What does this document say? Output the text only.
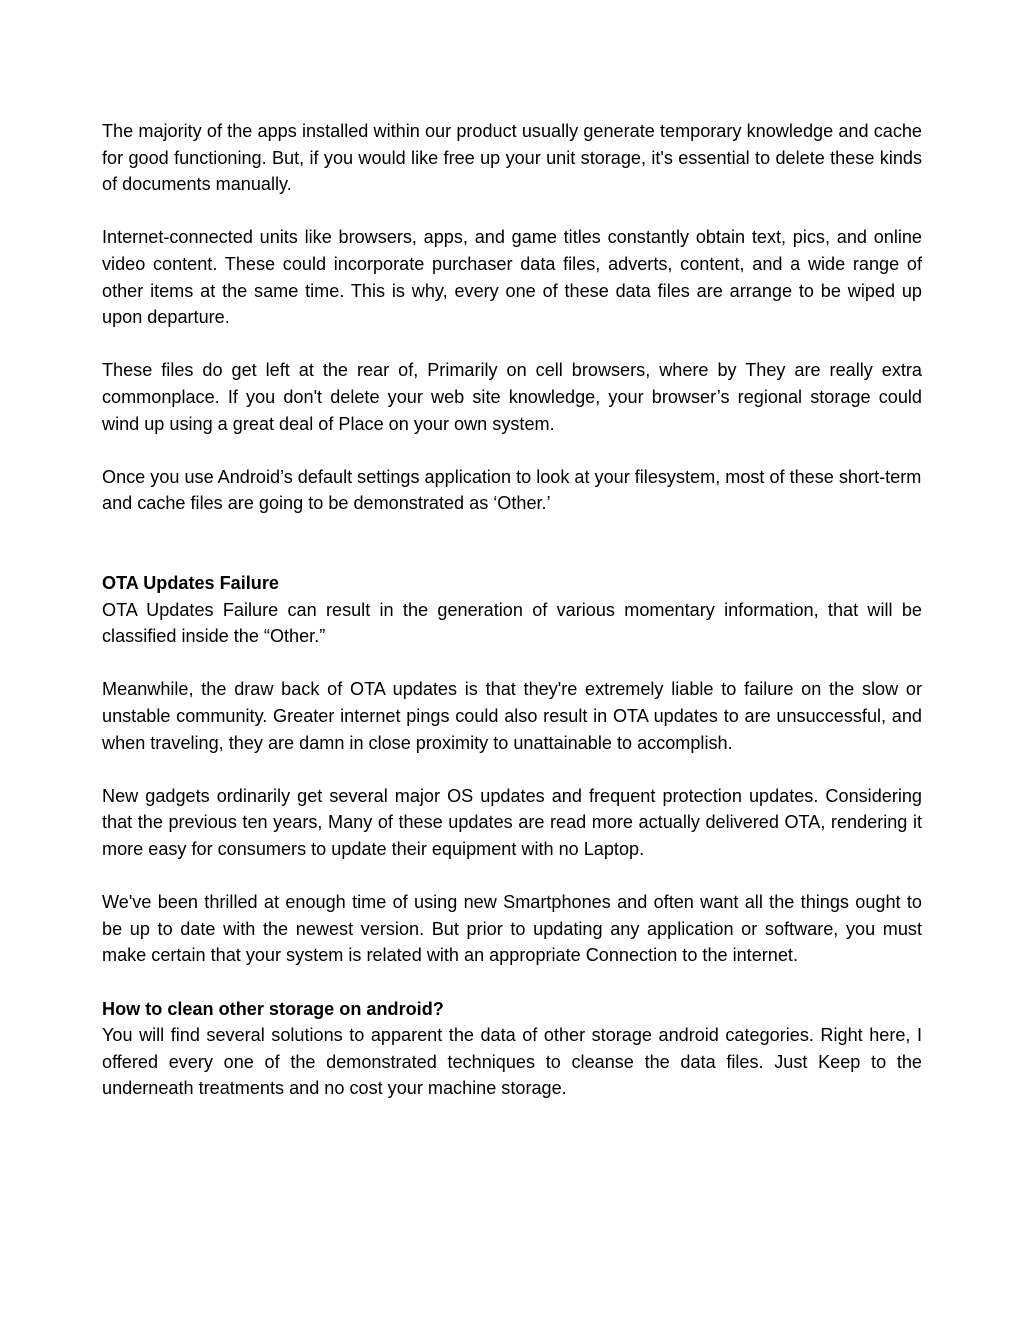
The majority of the apps installed within our product usually generate temporary knowledge and cache for good functioning. But, if you would like free up your unit storage, it's essential to delete these kinds of documents manually.

Internet-connected units like browsers, apps, and game titles constantly obtain text, pics, and online video content. These could incorporate purchaser data files, adverts, content, and a wide range of other items at the same time. This is why, every one of these data files are arrange to be wiped up upon departure.

These files do get left at the rear of, Primarily on cell browsers, where by They are really extra commonplace. If you don't delete your web site knowledge, your browser’s regional storage could wind up using a great deal of Place on your own system.

Once you use Android’s default settings application to look at your filesystem, most of these short-term and cache files are going to be demonstrated as ‘Other.’

OTA Updates Failure

OTA Updates Failure can result in the generation of various momentary information, that will be classified inside the “Other.”

Meanwhile, the draw back of OTA updates is that they're extremely liable to failure on the slow or unstable community. Greater internet pings could also result in OTA updates to are unsuccessful, and when traveling, they are damn in close proximity to unattainable to accomplish.

New gadgets ordinarily get several major OS updates and frequent protection updates. Considering that the previous ten years, Many of these updates are read more actually delivered OTA, rendering it more easy for consumers to update their equipment with no Laptop.

We've been thrilled at enough time of using new Smartphones and often want all the things ought to be up to date with the newest version. But prior to updating any application or software, you must make certain that your system is related with an appropriate Connection to the internet.

How to clean other storage on android?

You will find several solutions to apparent the data of other storage android categories. Right here, I offered every one of the demonstrated techniques to cleanse the data files. Just Keep to the underneath treatments and no cost your machine storage.
